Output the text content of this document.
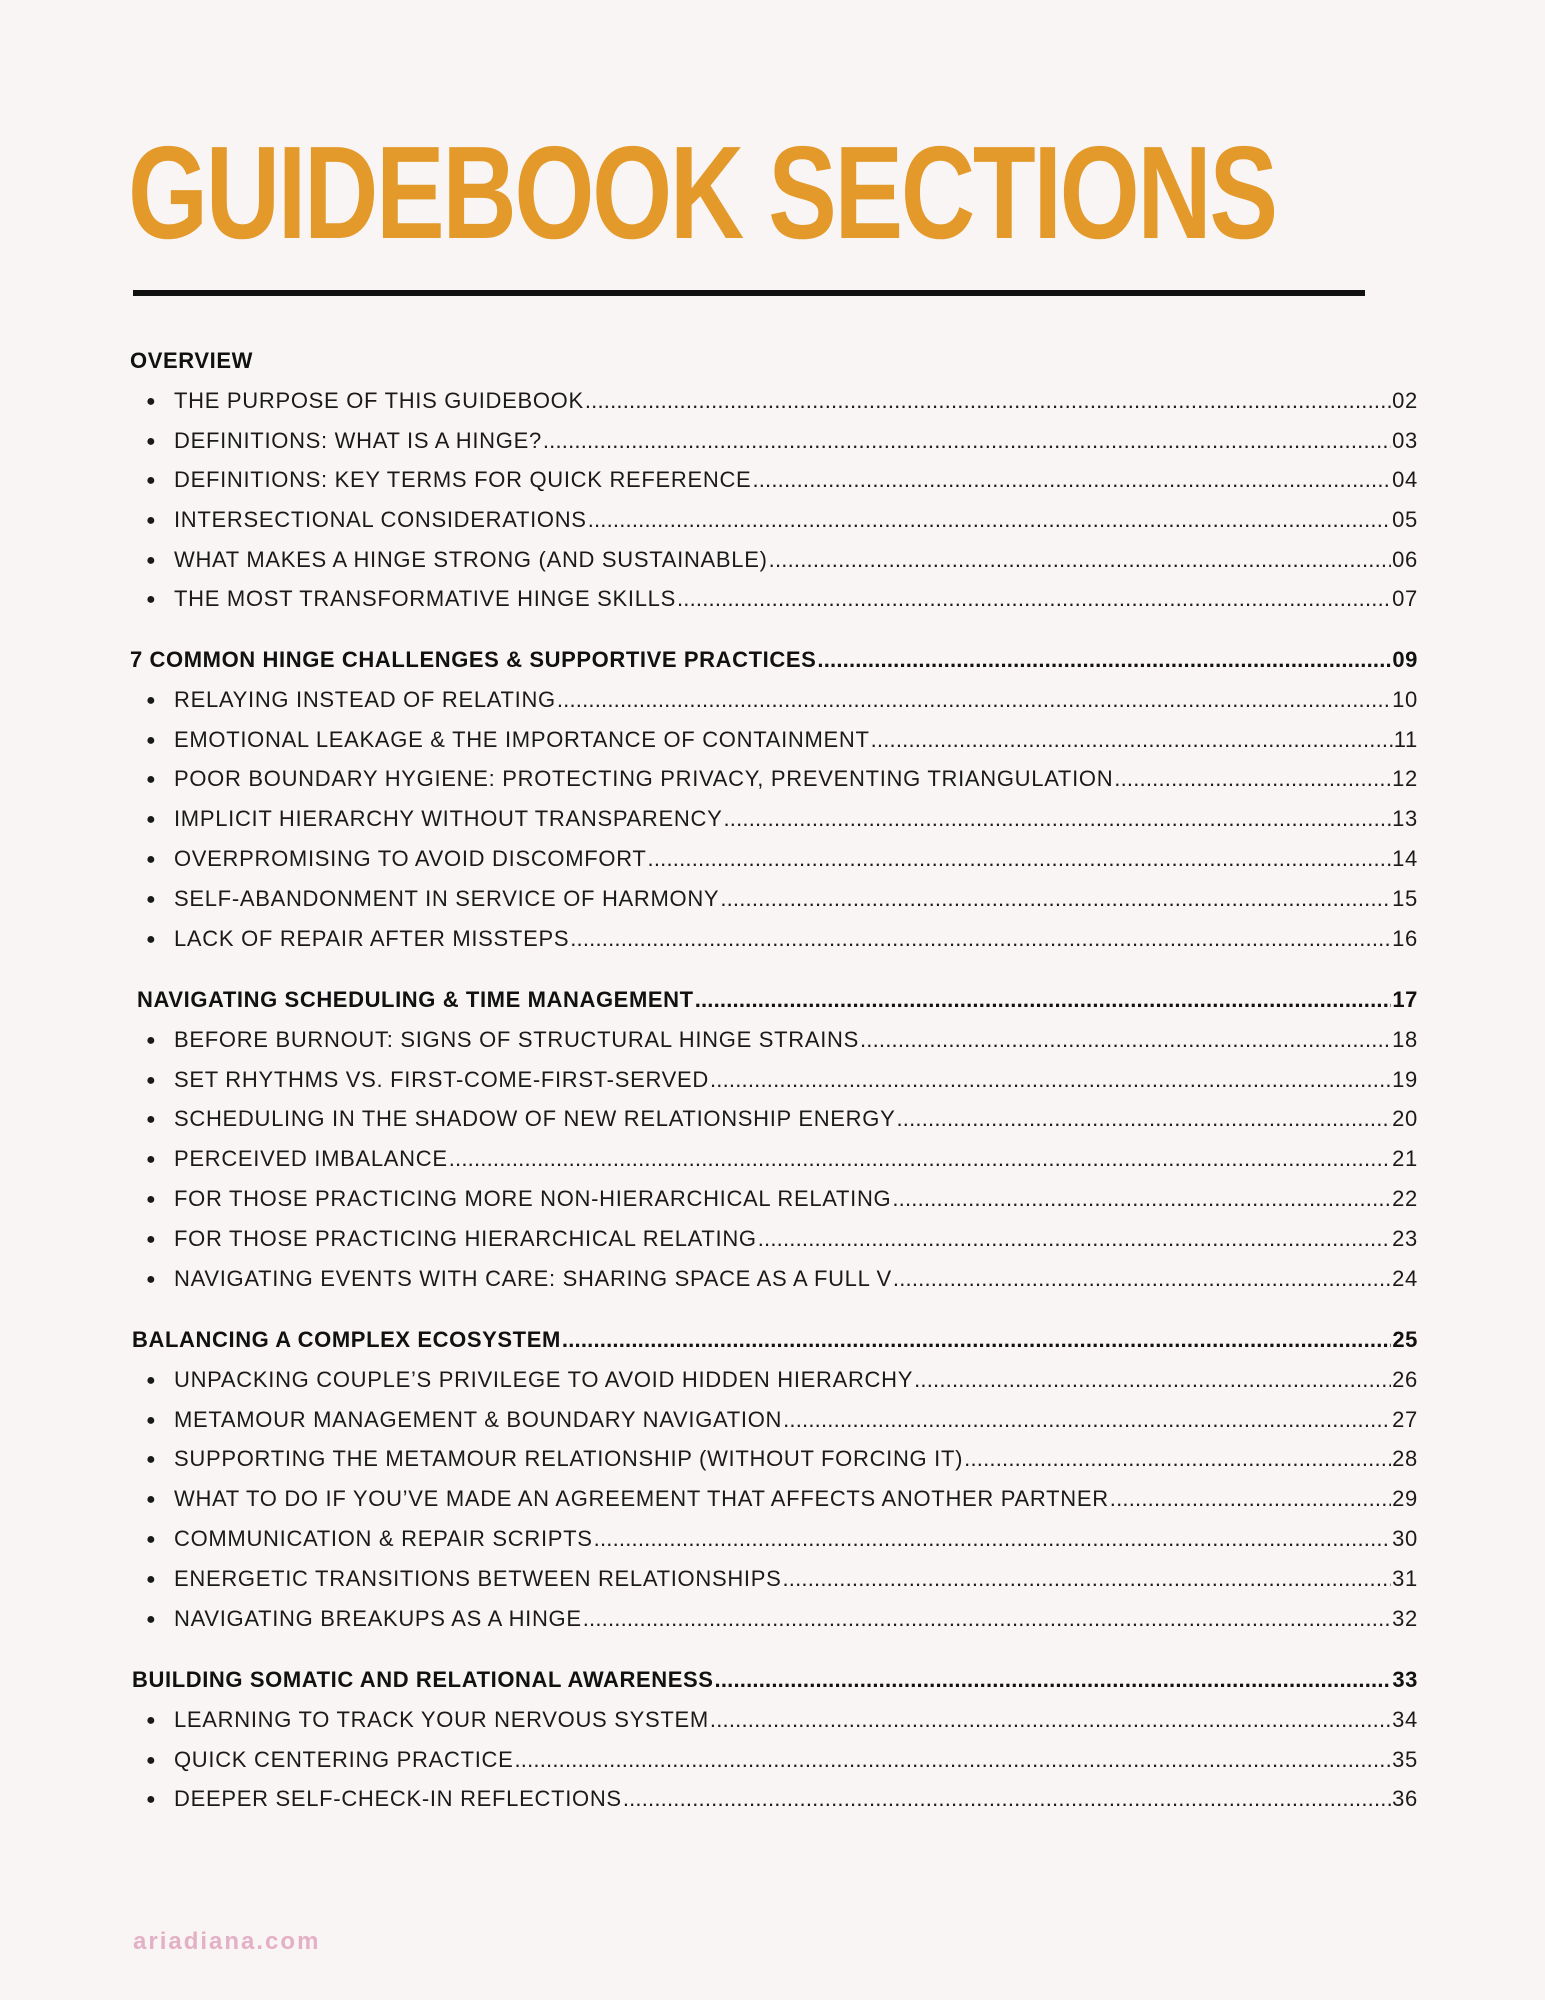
GUIDEBOOK SECTIONS
OVERVIEW
● THE PURPOSE OF THIS GUIDEBOOK .....	02
● DEFINITIONS: WHAT IS A HINGE? .....	03
● DEFINITIONS: KEY TERMS FOR QUICK REFERENCE .....	04
● INTERSECTIONAL CONSIDERATIONS .....	05
● WHAT MAKES A HINGE STRONG (AND SUSTAINABLE) .....	06
● THE MOST TRANSFORMATIVE HINGE SKILLS .....	07
7 COMMON HINGE CHALLENGES & SUPPORTIVE PRACTICES .....	09
● RELAYING INSTEAD OF RELATING .....	10
● EMOTIONAL LEAKAGE & THE IMPORTANCE OF CONTAINMENT .....	11
● POOR BOUNDARY HYGIENE: PROTECTING PRIVACY, PREVENTING TRIANGULATION .....	12
● IMPLICIT HIERARCHY WITHOUT TRANSPARENCY .....	13
● OVERPROMISING TO AVOID DISCOMFORT .....	14
● SELF-ABANDONMENT IN SERVICE OF HARMONY .....	15
● LACK OF REPAIR AFTER MISSTEPS .....	16
NAVIGATING SCHEDULING & TIME MANAGEMENT .....	17
● BEFORE BURNOUT: SIGNS OF STRUCTURAL HINGE STRAINS .....	18
● SET RHYTHMS VS. FIRST-COME-FIRST-SERVED .....	19
● SCHEDULING IN THE SHADOW OF NEW RELATIONSHIP ENERGY .....	20
● PERCEIVED IMBALANCE .....	21
● FOR THOSE PRACTICING MORE NON-HIERARCHICAL RELATING .....	22
● FOR THOSE PRACTICING HIERARCHICAL RELATING .....	23
● NAVIGATING EVENTS WITH CARE: SHARING SPACE AS A FULL V .....	24
BALANCING A COMPLEX ECOSYSTEM .....	25
● UNPACKING COUPLE’S PRIVILEGE TO AVOID HIDDEN HIERARCHY .....	26
● METAMOUR MANAGEMENT & BOUNDARY NAVIGATION .....	27
● SUPPORTING THE METAMOUR RELATIONSHIP (WITHOUT FORCING IT) .....	28
● WHAT TO DO IF YOU’VE MADE AN AGREEMENT THAT AFFECTS ANOTHER PARTNER .....	29
● COMMUNICATION & REPAIR SCRIPTS .....	30
● ENERGETIC TRANSITIONS BETWEEN RELATIONSHIPS .....	31
● NAVIGATING BREAKUPS AS A HINGE .....	32
BUILDING SOMATIC AND RELATIONAL AWARENESS .....	33
● LEARNING TO TRACK YOUR NERVOUS SYSTEM .....	34
● QUICK CENTERING PRACTICE .....	35
● DEEPER SELF-CHECK-IN REFLECTIONS .....	36
ariadiana.com
